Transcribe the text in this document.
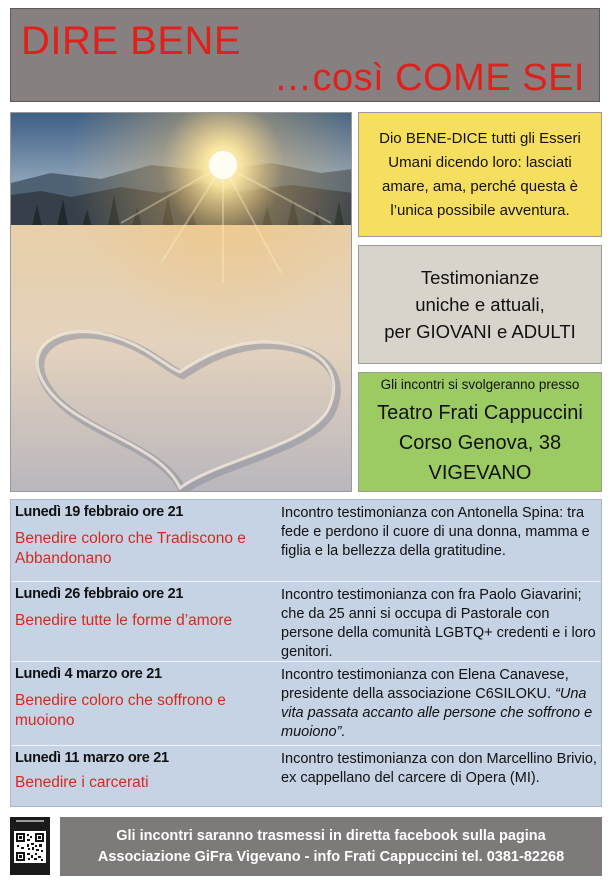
DIRE BENE
…così COME SEI
Dio BENE-DICE tutti gli Esseri
Umani dicendo loro: lasciati
amare, ama, perché questa è
l’unica possibile avventura.
Testimonianze
uniche e attuali,
per GIOVANI e ADULTI
Gli incontri si svolgeranno presso
Teatro Frati Cappuccini
Corso Genova, 38
VIGEVANO
Lunedì 19 febbraio ore 21
Benedire coloro che Tradiscono e Abbandonano
Incontro testimonianza con Antonella Spina: tra fede e perdono il cuore di una donna, mamma e figlia e la bellezza della gratitudine.
Lunedì 26 febbraio ore 21
Benedire tutte le forme d’amore
Incontro testimonianza con fra Paolo Giavarini; che da 25 anni si occupa di Pastorale con persone della comunità LGBTQ+ credenti e i loro genitori.
Lunedì 4 marzo ore 21
Benedire coloro che soffrono e muoiono
Incontro testimonianza con Elena Canavese, presidente della associazione C6SILOKU. “Una vita passata accanto alle persone che soffrono e muoiono”.
Lunedì 11 marzo ore 21
Benedire i carcerati
Incontro testimonianza con don Marcellino Brivio, ex cappellano del carcere di Opera (MI).
Gli incontri saranno trasmessi in diretta facebook sulla pagina
Associazione GiFra Vigevano - info Frati Cappuccini tel. 0381-82268
